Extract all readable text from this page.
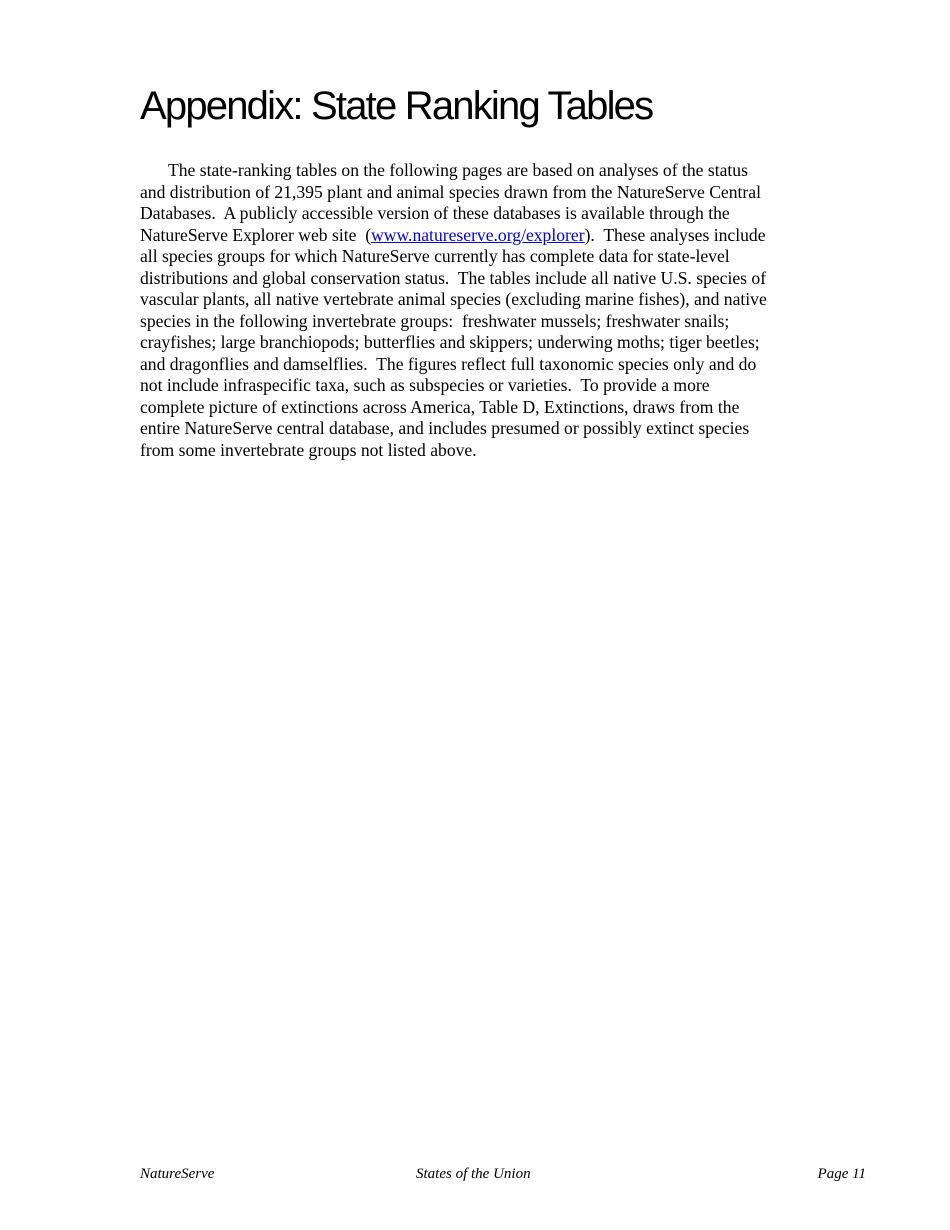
Appendix: State Ranking Tables
The state-ranking tables on the following pages are based on analyses of the status
and distribution of 21,395 plant and animal species drawn from the NatureServe Central
Databases.  A publicly accessible version of these databases is available through the
NatureServe Explorer web site  (www.natureserve.org/explorer).  These analyses include
all species groups for which NatureServe currently has complete data for state-level
distributions and global conservation status.  The tables include all native U.S. species of
vascular plants, all native vertebrate animal species (excluding marine fishes), and native
species in the following invertebrate groups:  freshwater mussels; freshwater snails;
crayfishes; large branchiopods; butterflies and skippers; underwing moths; tiger beetles;
and dragonflies and damselflies.  The figures reflect full taxonomic species only and do
not include infraspecific taxa, such as subspecies or varieties.  To provide a more
complete picture of extinctions across America, Table D, Extinctions, draws from the
entire NatureServe central database, and includes presumed or possibly extinct species
from some invertebrate groups not listed above.
NatureServe	States of the Union	Page 11
